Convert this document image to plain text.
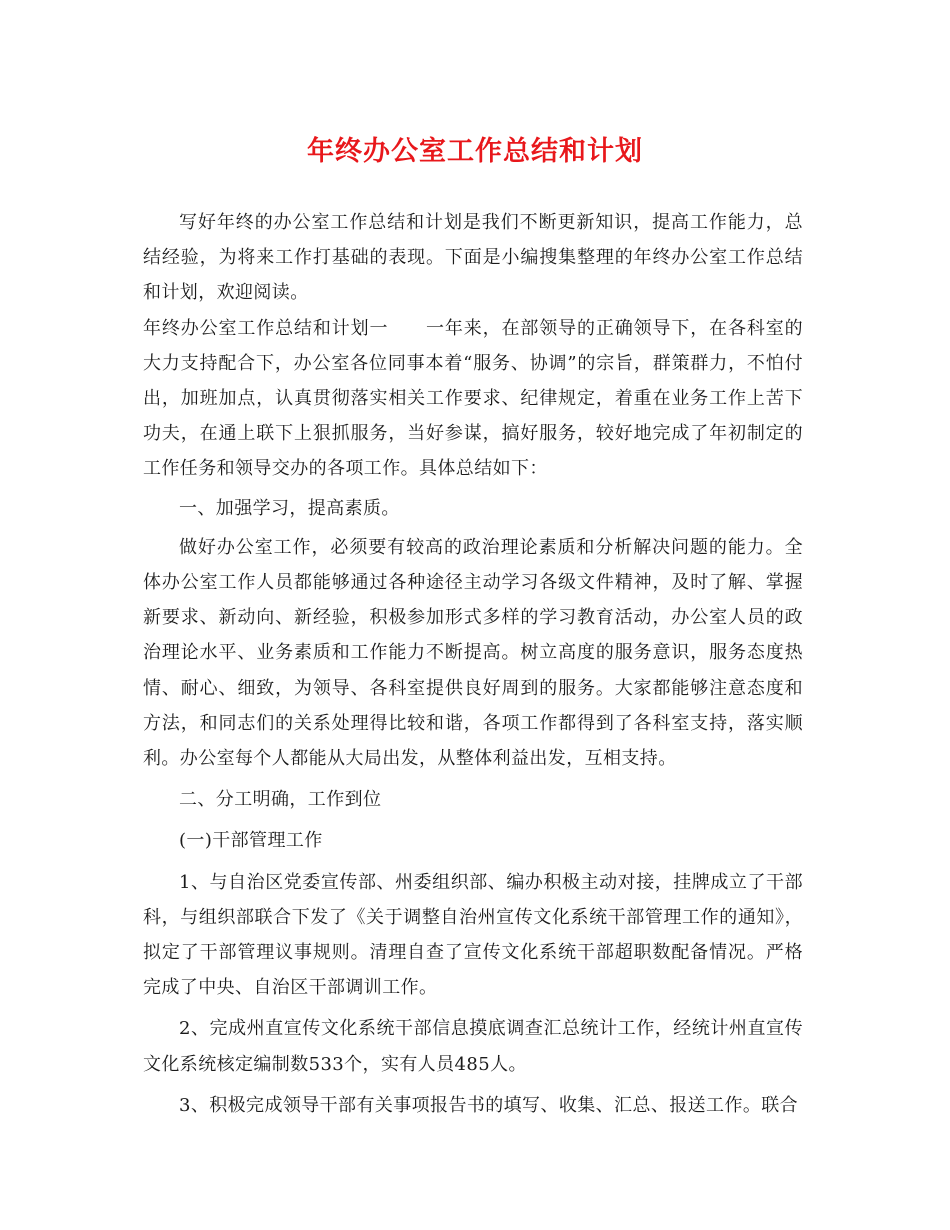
年终办公室工作总结和计划

写好年终的办公室工作总结和计划是我们不断更新知识，提高工作能力，总结经验，为将来工作打基础的表现。下面是小编搜集整理的年终办公室工作总结和计划，欢迎阅读。

年终办公室工作总结和计划一　　一年来，在部领导的正确领导下，在各科室的大力支持配合下，办公室各位同事本着“服务、协调”的宗旨，群策群力，不怕付出，加班加点，认真贯彻落实相关工作要求、纪律规定，着重在业务工作上苦下功夫，在通上联下上狠抓服务，当好参谋，搞好服务，较好地完成了年初制定的工作任务和领导交办的各项工作。具体总结如下：

一、加强学习，提高素质。

做好办公室工作，必须要有较高的政治理论素质和分析解决问题的能力。全体办公室工作人员都能够通过各种途径主动学习各级文件精神，及时了解、掌握新要求、新动向、新经验，积极参加形式多样的学习教育活动，办公室人员的政治理论水平、业务素质和工作能力不断提高。树立高度的服务意识，服务态度热情、耐心、细致，为领导、各科室提供良好周到的服务。大家都能够注意态度和方法，和同志们的关系处理得比较和谐，各项工作都得到了各科室支持，落实顺利。办公室每个人都能从大局出发，从整体利益出发，互相支持。

二、分工明确，工作到位

(一)干部管理工作

1、与自治区党委宣传部、州委组织部、编办积极主动对接，挂牌成立了干部科，与组织部联合下发了《关于调整自治州宣传文化系统干部管理工作的通知》，拟定了干部管理议事规则。清理自查了宣传文化系统干部超职数配备情况。严格完成了中央、自治区干部调训工作。

2、完成州直宣传文化系统干部信息摸底调查汇总统计工作，经统计州直宣传文化系统核定编制数533个，实有人员485人。

3、积极完成领导干部有关事项报告书的填写、收集、汇总、报送工作。联合
